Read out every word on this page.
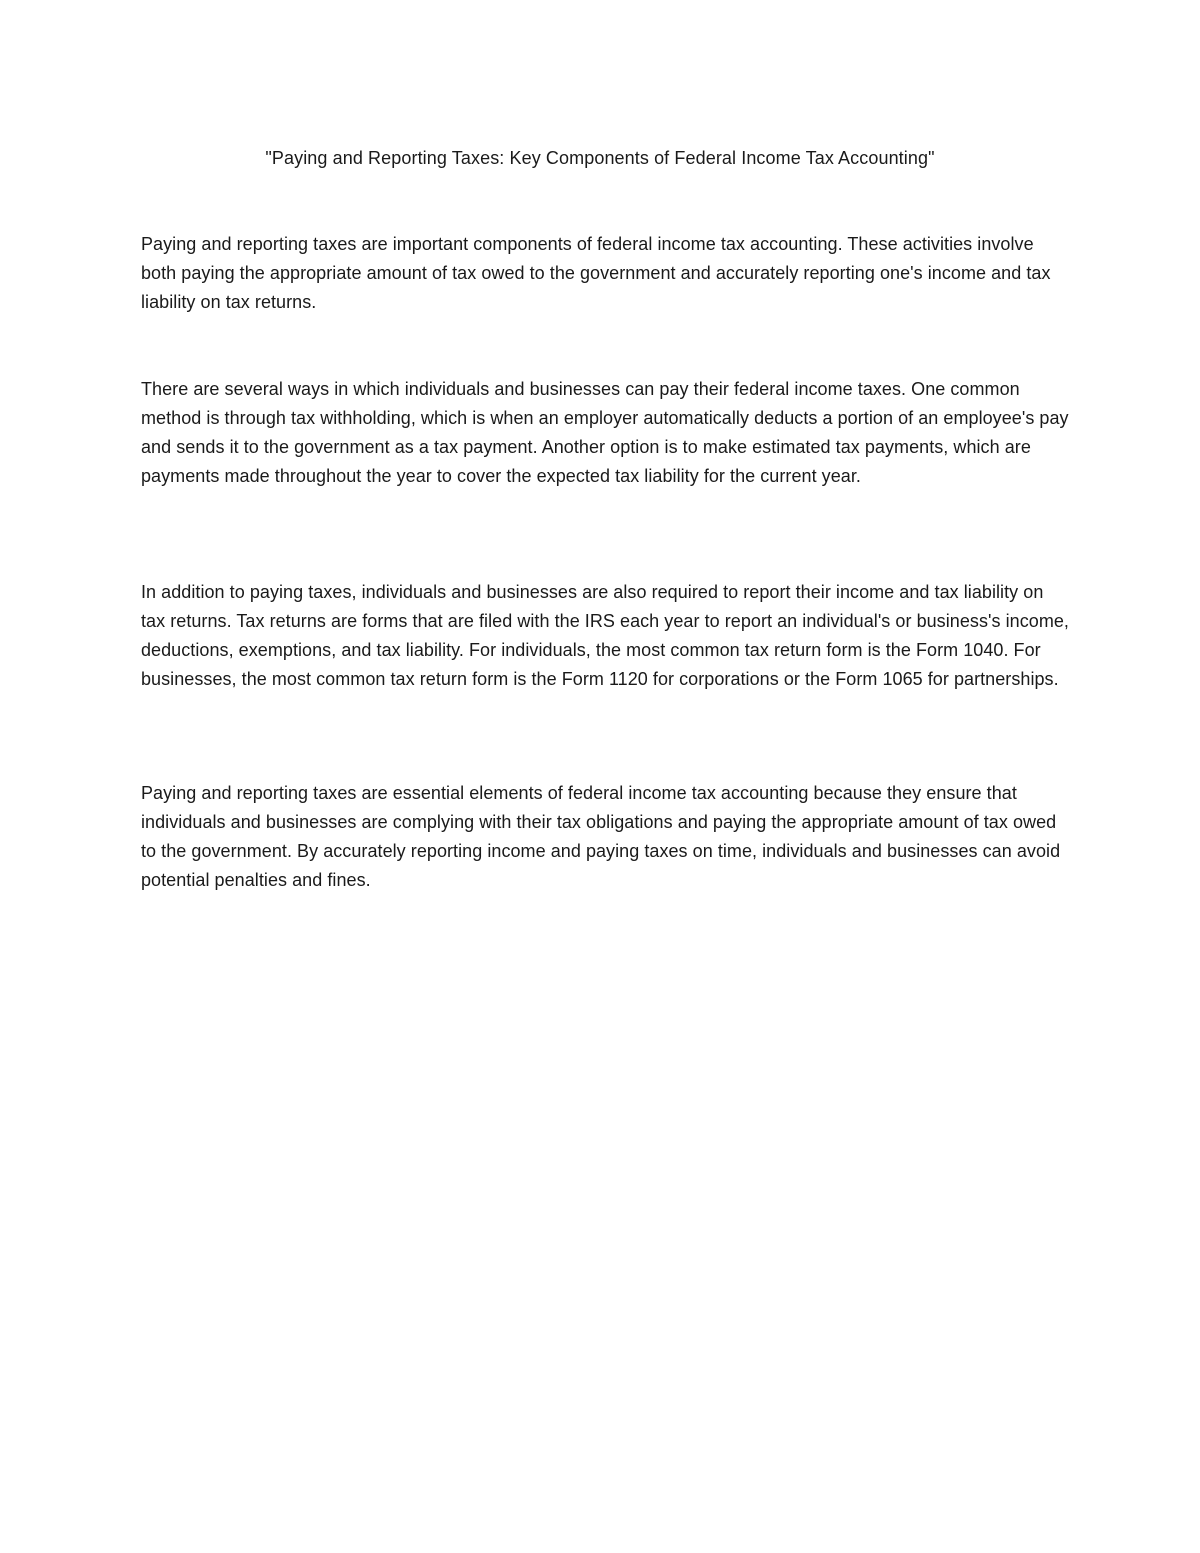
"Paying and Reporting Taxes: Key Components of Federal Income Tax Accounting"

Paying and reporting taxes are important components of federal income tax accounting. These activities involve both paying the appropriate amount of tax owed to the government and accurately reporting one's income and tax liability on tax returns.

There are several ways in which individuals and businesses can pay their federal income taxes. One common method is through tax withholding, which is when an employer automatically deducts a portion of an employee's pay and sends it to the government as a tax payment. Another option is to make estimated tax payments, which are payments made throughout the year to cover the expected tax liability for the current year.

In addition to paying taxes, individuals and businesses are also required to report their income and tax liability on tax returns. Tax returns are forms that are filed with the IRS each year to report an individual's or business's income, deductions, exemptions, and tax liability. For individuals, the most common tax return form is the Form 1040. For businesses, the most common tax return form is the Form 1120 for corporations or the Form 1065 for partnerships.

Paying and reporting taxes are essential elements of federal income tax accounting because they ensure that individuals and businesses are complying with their tax obligations and paying the appropriate amount of tax owed to the government. By accurately reporting income and paying taxes on time, individuals and businesses can avoid potential penalties and fines.
